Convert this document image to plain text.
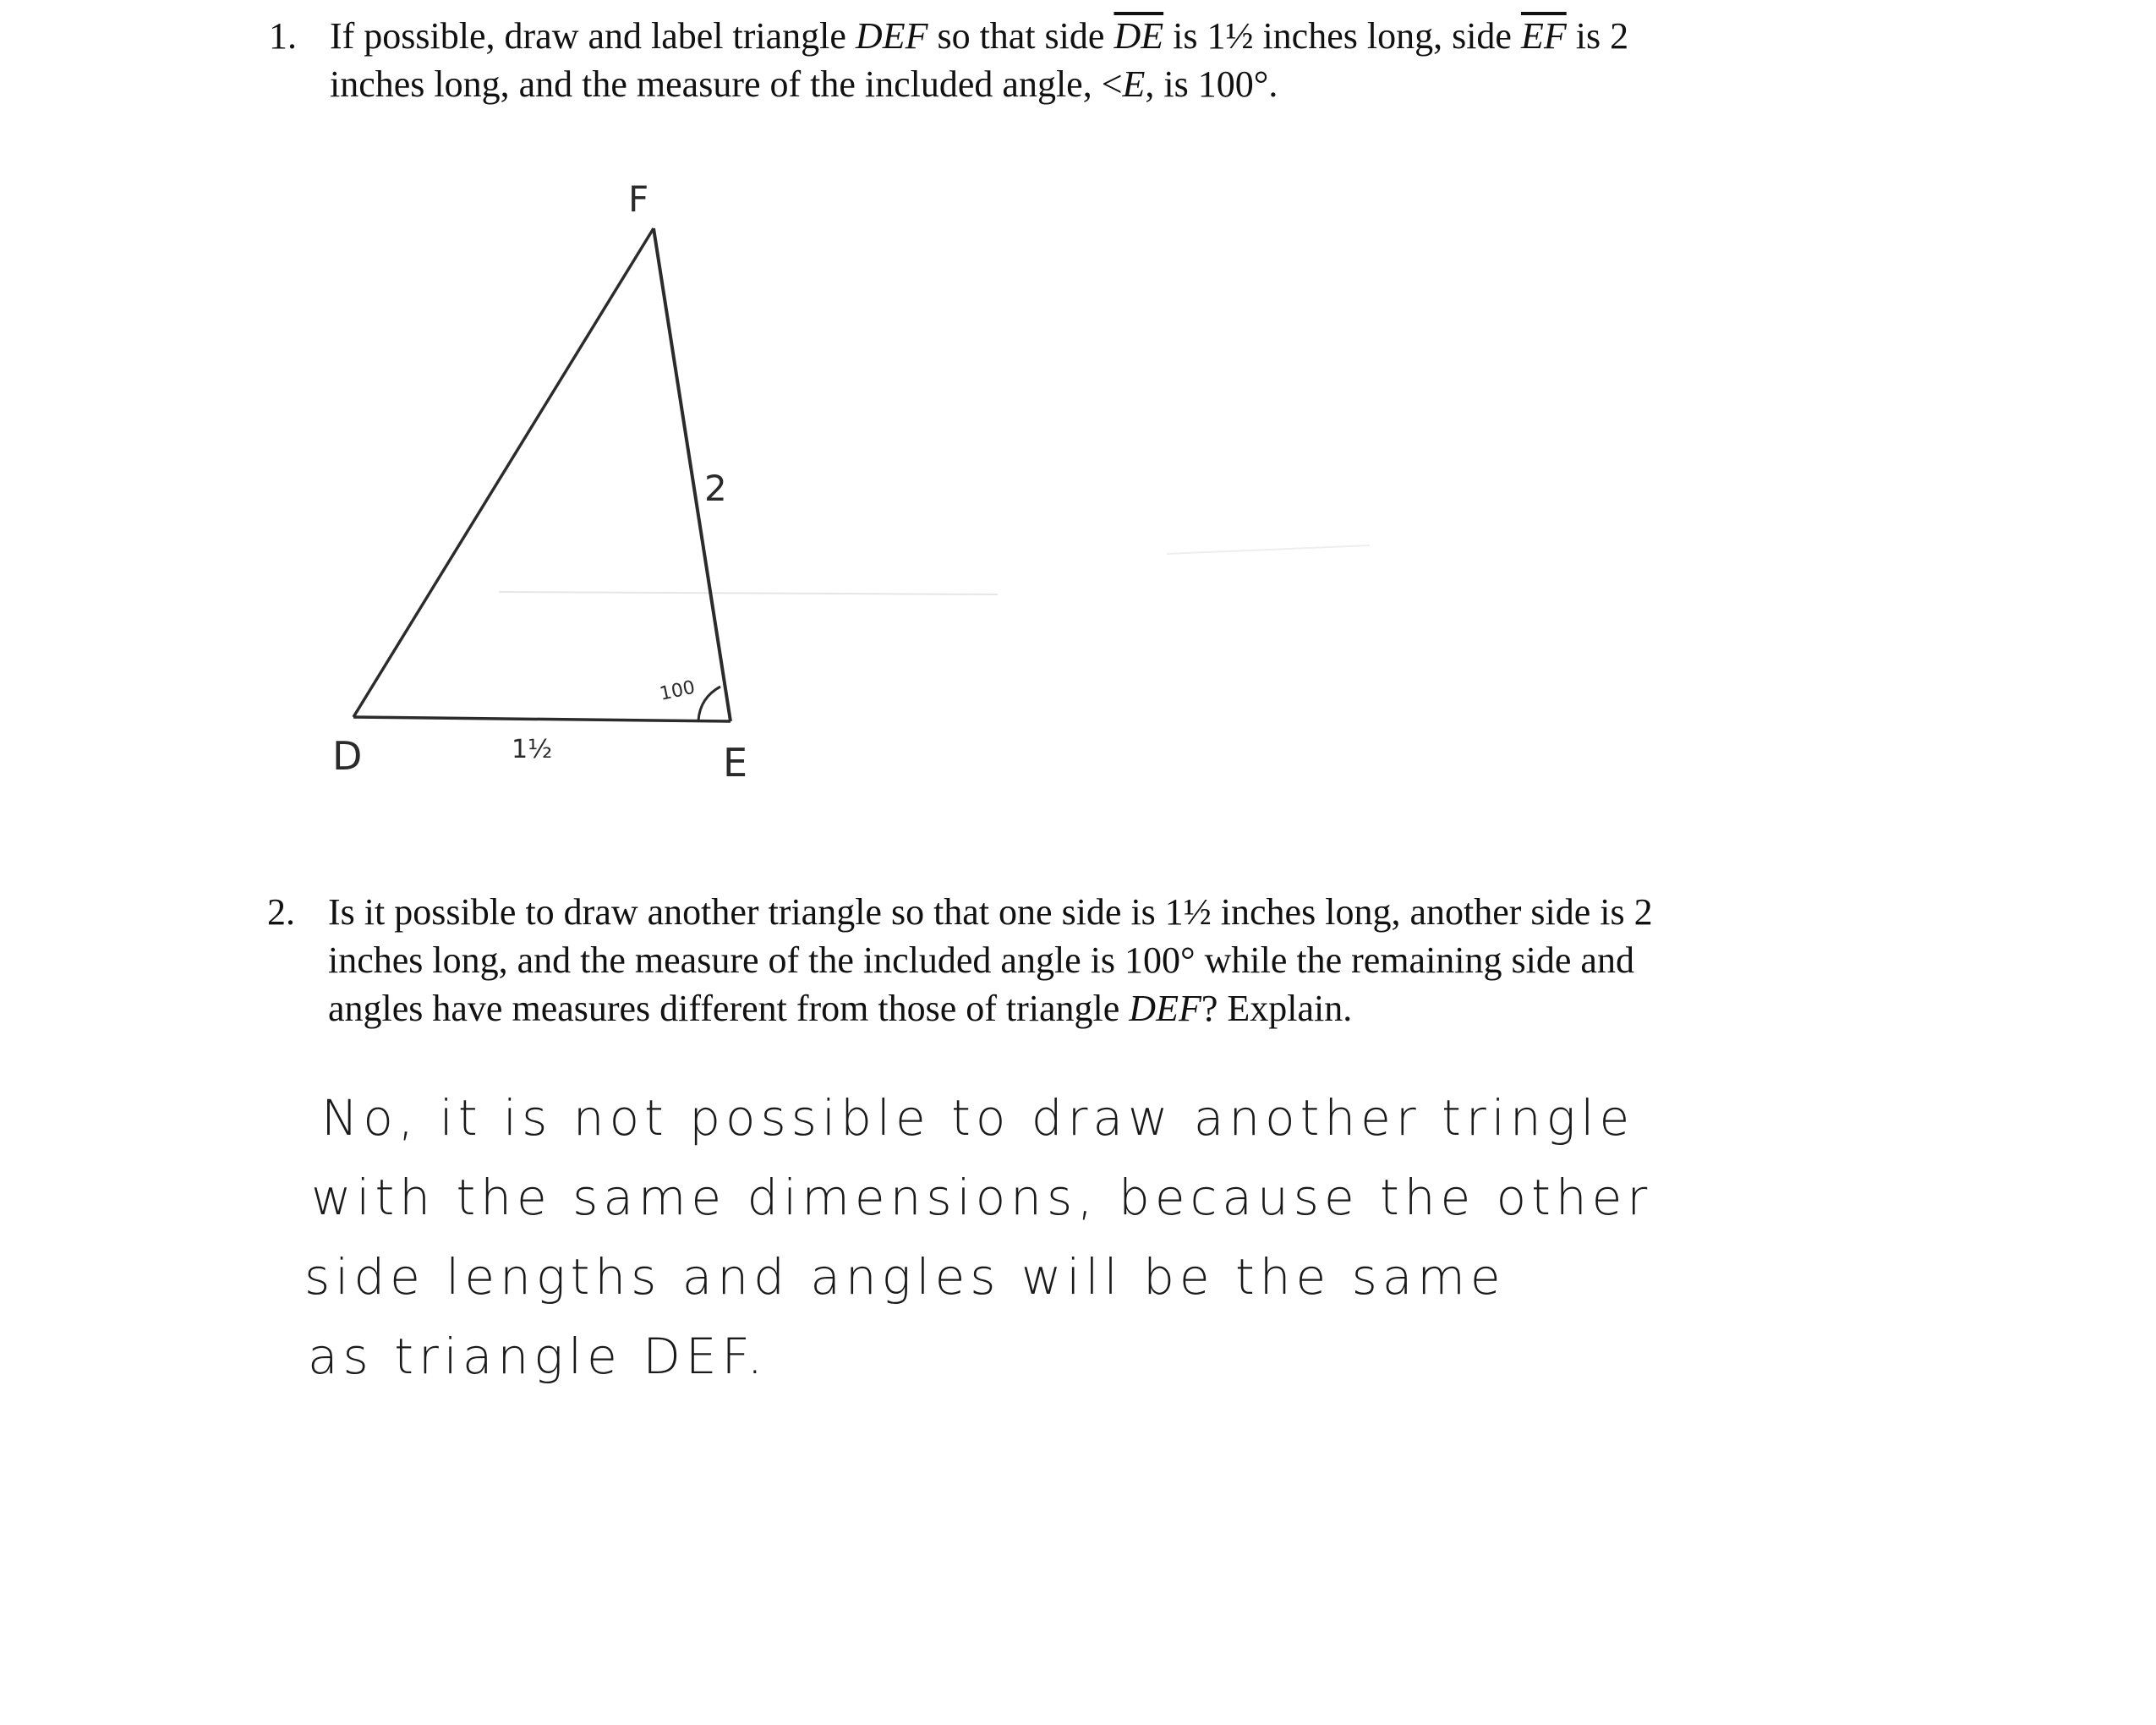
1. If possible, draw and label triangle DEF so that side $\overline{DE}$ is 1½ inches long, side $\overline{EF}$ is 2
inches long, and the measure of the included angle, <E, is 100°.
D	E
F
1½
2
100
2. Is it possible to draw another triangle so that one side is 1½ inches long, another side is 2
inches long, and the measure of the included angle is 100° while the remaining side and
angles have measures different from those of triangle DEF? Explain.
No, it is not possible to draw another tringle
with the same dimensions, because the other
side lengths and angles will be the same
as triangle DEF.
